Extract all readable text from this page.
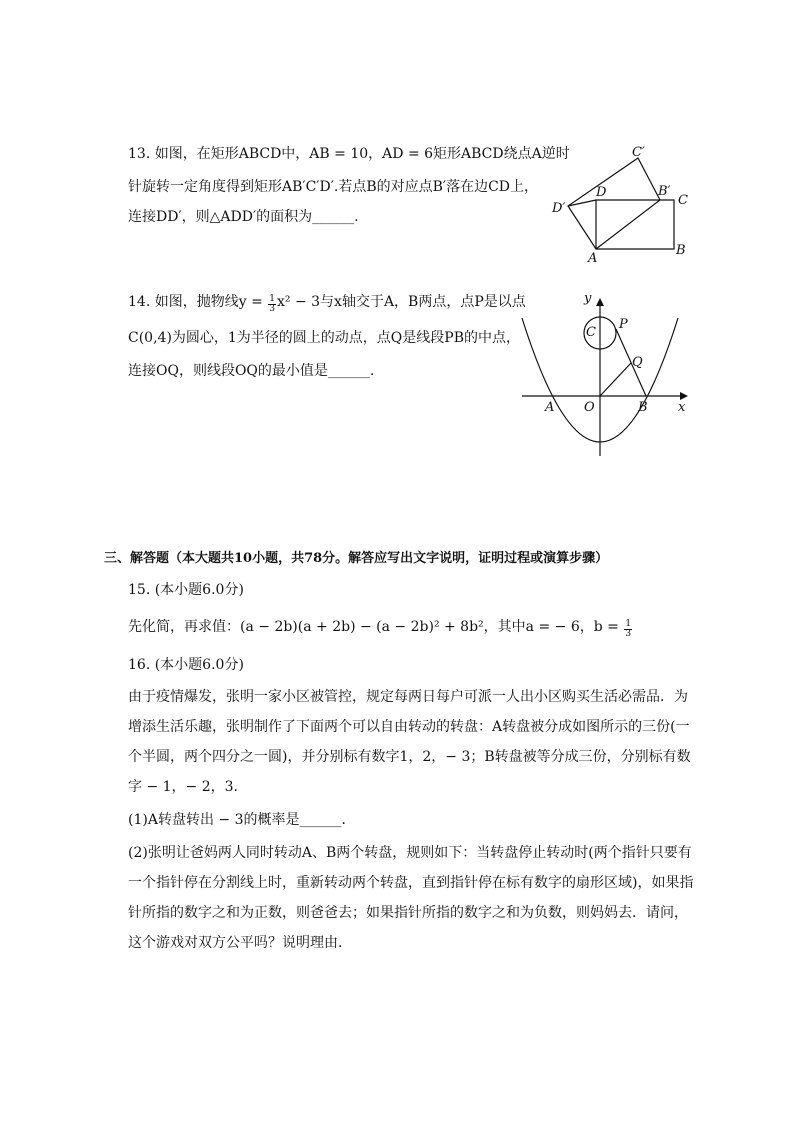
13. 如图，在矩形ABCD中，AB = 10，AD = 6矩形ABCD绕点A逆时
针旋转一定角度得到矩形AB′C′D′.若点B的对应点B′落在边CD上，
连接DD′，则△ADD′的面积为______.
C′
D	B′
C
D′
A
B
14. 如图，抛物线$y = \frac{1}{3} x^2 - 3$与x轴交于A，B两点，点P是以点
C(0,4)为圆心，1为半径的圆上的动点，点Q是线段PB的中点，
连接OQ，则线段OQ的最小值是______.
y
C
P
Q
A O	B x
三、解答题（本大题共10小题，共78分。解答应写出文字说明，证明过程或演算步骤）
15. (本小题6.0分)
先化简，再求值：(a − 2b)(a + 2b) − (a − 2b)² + 8b²，其中a = − 6，$b = \frac{1}{3}$
16. (本小题6.0分)
由于疫情爆发，张明一家小区被管控，规定每两日每户可派一人出小区购买生活必需品．为
增添生活乐趣，张明制作了下面两个可以自由转动的转盘：A转盘被分成如图所示的三份(一
个半圆，两个四分之一圆)，并分别标有数字1，2，− 3；B转盘被等分成三份，分别标有数
字 − 1，− 2，3．
(1)A转盘转出 − 3的概率是______．
(2)张明让爸妈两人同时转动A、B两个转盘，规则如下：当转盘停止转动时(两个指针只要有
一个指针停在分割线上时，重新转动两个转盘，直到指针停在标有数字的扇形区域)，如果指
针所指的数字之和为正数，则爸爸去；如果指针所指的数字之和为负数，则妈妈去．请问，
这个游戏对双方公平吗？说明理由．
